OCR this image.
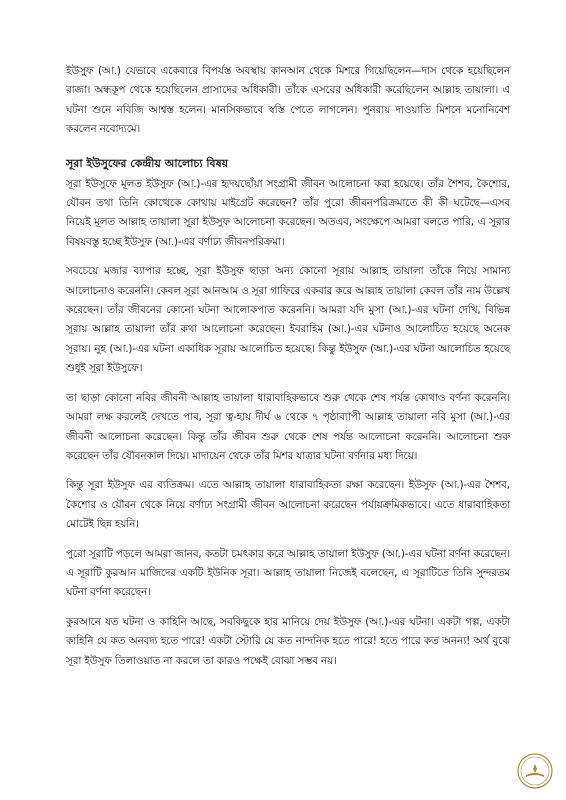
ইউসুফ (আ.) যেভাবে একেবারে বিপর্যস্ত অবস্থায় কানআন থেকে মিশরে গিয়েছিলেন—দাস থেকে হয়েছিলেন রাজা। অন্ধকূপ থেকে হয়েছিলেন প্রাসাদের অধিকারী। তাঁকে এসবের অধিকারী করেছিলেন আল্লাহ তায়ালা। এ ঘটনা শুনে নবিজি আশ্বস্ত হলেন। মানসিকভাবে স্বস্তি পেতে লাগলেন। পুনরায় দাওয়াতি মিশনে মনোনিবেশ করলেন নবোদ্যমে।

সূরা ইউসুফের কেন্দ্রীয় আলোচ্য বিষয়

সূরা ইউসুফে মূলত ইউসুফ (আ.)-এর হৃদয়ছোঁয়া সংগ্রামী জীবন আলোচনা করা হয়েছে। তাঁর শৈশব, কৈশোর, যৌবন তথা তিনি কোত্থেকে কোথায় মাইগ্রেট করেছেন? তাঁর পুরো জীবনপরিক্রমাতে কী কী ঘটেছে—এসব নিয়েই মূলত আল্লাহ তায়ালা সূরা ইউসুফ আলোচনা করেছেন। অতএব, সংক্ষেপে আমরা বলতে পারি, এ সূরার বিষয়বস্তু হচ্ছে ইউসুফ (আ.)-এর বর্ণাঢ্য জীবনপরিক্রমা।

সবচেয়ে মজার ব্যাপার হচ্ছে, সূরা ইউসুফ ছাড়া অন্য কোনো সূরায় আল্লাহ তায়ালা তাঁকে নিয়ে সামান্য আলোচনাও করেননি। কেবল সূরা আনআম ও সূরা গাফিরে একবার করে আল্লাহ তায়ালা কেবল তাঁর নাম উল্লেখ করেছেন। তাঁর জীবনের কোনো ঘটনা আলোকপাত করেননি। আমরা যদি মুসা (আ.)-এর ঘটনা দেখি, বিভিন্ন সূরায় আল্লাহ তায়ালা তাঁর কথা আলোচনা করেছেন। ইবরাহিম (আ.)-এর ঘটনাও আলোচিত হয়েছে অনেক সূরায়। নুহ (আ.)-এর ঘটনা একাধিক সূরায় আলোচিত হয়েছে। কিন্তু ইউসুফ (আ.)-এর ঘটনা আলোচিত হয়েছে শুধুই সূরা ইউসুফে।

তা ছাড়া কোনো নবির জীবনী আল্লাহ তায়ালা ধারাবাহিকভাবে শুরু থেকে শেষ পর্যন্ত কোথাও বর্ণনা করেননি। আমরা লক্ষ করলেই দেখতে পাব, সূরা ত্ব-হায় দীর্ঘ ৬ থেকে ৭ পৃষ্ঠাব্যাপী আল্লাহ তায়ালা নবি মুসা (আ.)-এর জীবনী আলোচনা করেছেন। কিন্তু তাঁর জীবন শুরু থেকে শেষ পর্যন্ত আলোচনা করেননি। আলোচনা শুরু করেছেন তাঁর যৌবনকাল দিয়ে। মাদায়েন থেকে তাঁর মিশর যাত্রার ঘটনা বর্ণনার মধ্য দিয়ে।

কিন্তু সূরা ইউসুফ এর ব্যতিক্রম। এতে আল্লাহ তায়ালা ধারাবাহিকতা রক্ষা করেছেন। ইউসুফ (আ.)-এর শৈশব, কৈশোর ও যৌবন থেকে নিয়ে বর্ণাঢ্য সংগ্রামী জীবন আলোচনা করেছেন পর্যায়ক্রমিকভাবে। এতে ধারাবাহিকতা মোটেই ছিন্ন হয়নি।

পুরো সূরাটি পড়লে আমরা জানব, কতটা চমৎকার করে আল্লাহ তায়ালা ইউসুফ (আ.)-এর ঘটনা বর্ণনা করেছেন। এ সূরাটি কুরআন মাজিদের একটি ইউনিক সূরা। আল্লাহ তায়ালা নিজেই বলেছেন, এ সূরাটিতে তিনি সুন্দরতম ঘটনা বর্ণনা করেছেন।

কুরআনে যত ঘটনা ও কাহিনি আছে, সবকিছুকে হার মানিয়ে দেয় ইউসুফ (আ.)-এর ঘটনা। একটা গল্প, একটা কাহিনি যে কত অনবদ্য হতে পারে! একটা স্টোরি যে কত নান্দনিক হতে পারে! হতে পারে কত অনন্য! অর্থ বুঝে সূরা ইউসুফ তিলাওয়াত না করলে তা কারও পক্ষেই বোঝা সম্ভব নয়।
